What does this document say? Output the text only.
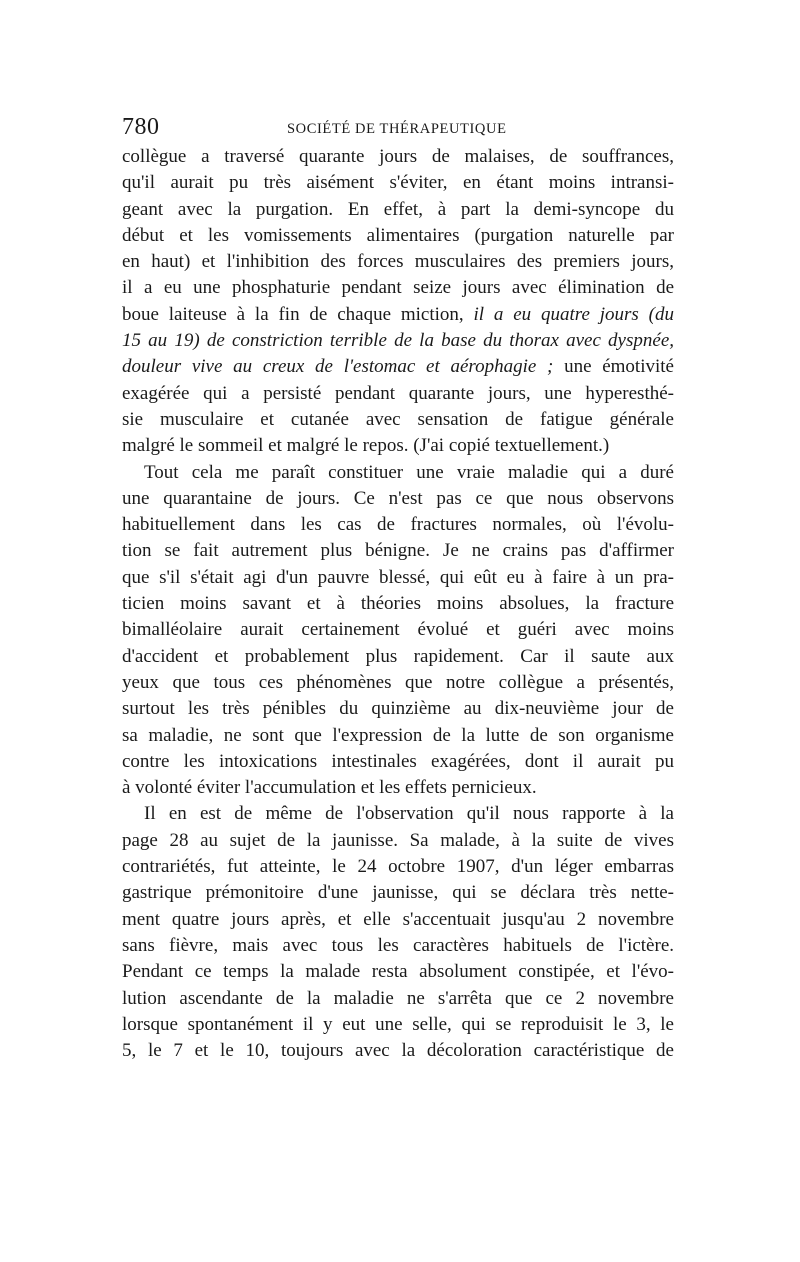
780	SOCIÉTÉ DE THÉRAPEUTIQUE
collègue a traversé quarante jours de malaises, de souffrances,
qu'il aurait pu très aisément s'éviter, en étant moins intransi-
geant avec la purgation. En effet, à part la demi-syncope du
début et les vomissements alimentaires (purgation naturelle par
en haut) et l'inhibition des forces musculaires des premiers jours,
il a eu une phosphaturie pendant seize jours avec élimination de
boue laiteuse à la fin de chaque miction, il a eu quatre jours (du
15 au 19) de constriction terrible de la base du thorax avec dyspnée,
douleur vive au creux de l'estomac et aérophagie ; une émotivité
exagérée qui a persisté pendant quarante jours, une hyperesthé-
sie musculaire et cutanée avec sensation de fatigue générale
malgré le sommeil et malgré le repos. (J'ai copié textuellement.)
Tout cela me paraît constituer une vraie maladie qui a duré
une quarantaine de jours. Ce n'est pas ce que nous observons
habituellement dans les cas de fractures normales, où l'évolu-
tion se fait autrement plus bénigne. Je ne crains pas d'affirmer
que s'il s'était agi d'un pauvre blessé, qui eût eu à faire à un pra-
ticien moins savant et à théories moins absolues, la fracture
bimalléolaire aurait certainement évolué et guéri avec moins
d'accident et probablement plus rapidement. Car il saute aux
yeux que tous ces phénomènes que notre collègue a présentés,
surtout les très pénibles du quinzième au dix-neuvième jour de
sa maladie, ne sont que l'expression de la lutte de son organisme
contre les intoxications intestinales exagérées, dont il aurait pu
à volonté éviter l'accumulation et les effets pernicieux.
Il en est de même de l'observation qu'il nous rapporte à la
page 28 au sujet de la jaunisse. Sa malade, à la suite de vives
contrariétés, fut atteinte, le 24 octobre 1907, d'un léger embarras
gastrique prémonitoire d'une jaunisse, qui se déclara très nette-
ment quatre jours après, et elle s'accentuait jusqu'au 2 novembre
sans fièvre, mais avec tous les caractères habituels de l'ictère.
Pendant ce temps la malade resta absolument constipée, et l'évo-
lution ascendante de la maladie ne s'arrêta que ce 2 novembre
lorsque spontanément il y eut une selle, qui se reproduisit le 3, le
5, le 7 et le 10, toujours avec la décoloration caractéristique de
